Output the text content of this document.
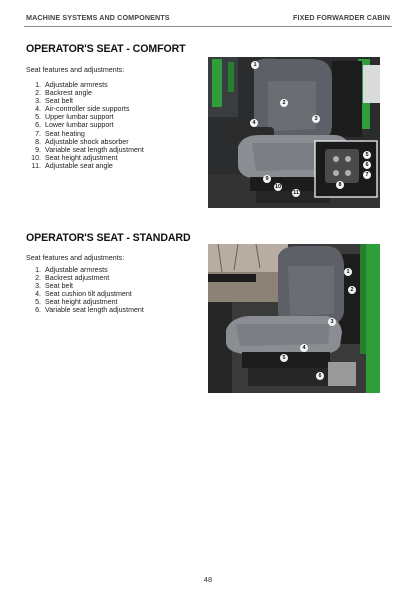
MACHINE SYSTEMS AND COMPONENTS	FIXED FORWARDER CABIN
OPERATOR'S SEAT - COMFORT
Seat features and adjustments:
1. Adjustable armrests
2. Backrest angle
3. Seat belt
4. Air-controller side supports
5. Upper lumbar support
6. Lower lumbar support
7. Seat heating
8. Adjustable shock absorber
9. Variable seat length adjustment
10. Seat height adjustment
11. Adjustable seat angle
1
2
3
4
5
6
7
8
9
10
11
OPERATOR'S SEAT - STANDARD
Seat features and adjustments:
1. Adjustable armrests
2. Backrest adjustment
3. Seat belt
4. Seat cushion tilt adjustment
5. Seat height adjustment
6. Variable seat length adjustment
1
2
3
4
5
6
48
